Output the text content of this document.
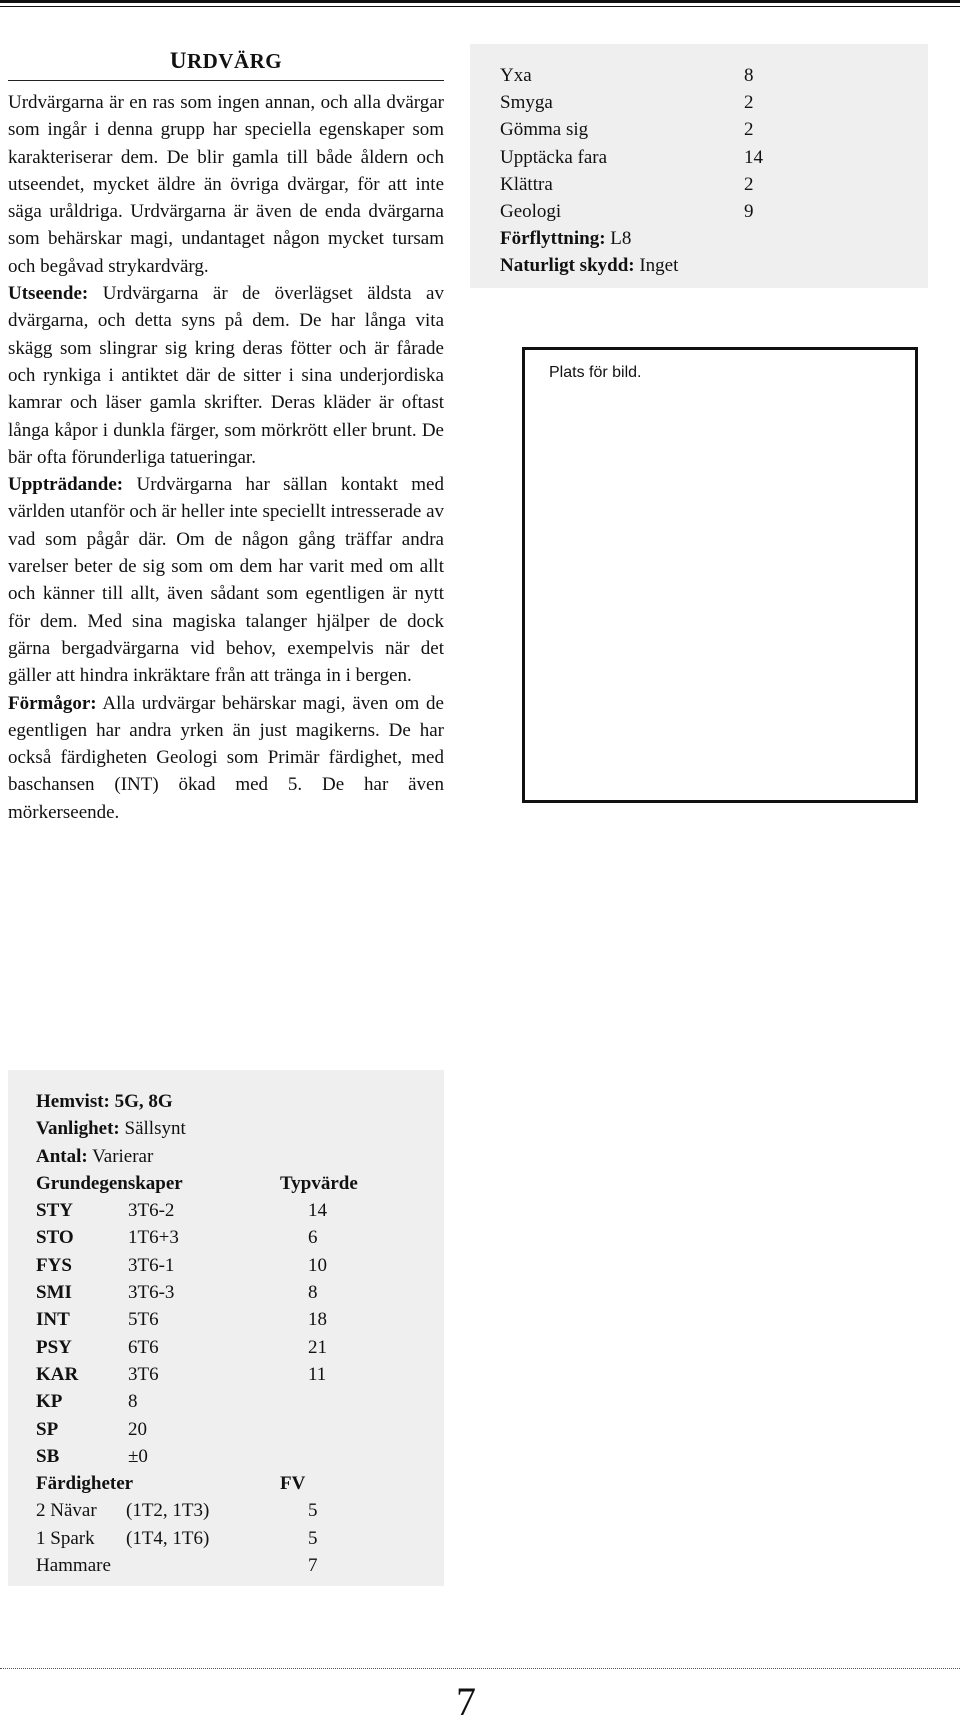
URDVÄRG

Urdvärgarna är en ras som ingen annan, och alla dvärgar som ingår i denna grupp har speciella egenskaper som karakteriserar dem. De blir gamla till både åldern och utseendet, mycket äldre än övriga dvärgar, för att inte säga uråldriga. Urdvärgarna är även de enda dvärgarna som behärskar magi, undantaget någon mycket tursam och begåvad strykardvärg.

Utseende: Urdvärgarna är de överlägset äldsta av dvärgarna, och detta syns på dem. De har långa vita skägg som slingrar sig kring deras fötter och är fårade och rynkiga i antiktet där de sitter i sina underjordiska kamrar och läser gamla skrifter. Deras kläder är oftast långa kåpor i dunkla färger, som mörkrött eller brunt. De bär ofta förunderliga tatueringar.

Uppträdande: Urdvärgarna har sällan kontakt med världen utanför och är heller inte speciellt intresserade av vad som pågår där. Om de någon gång träffar andra varelser beter de sig som om dem har varit med om allt och känner till allt, även sådant som egentligen är nytt för dem. Med sina magiska talanger hjälper de dock gärna bergadvärgarna vid behov, exempelvis när det gäller att hindra inkräktare från att tränga in i bergen.

Förmågor: Alla urdvärgar behärskar magi, även om de egentligen har andra yrken än just magikerns. De har också färdigheten Geologi som Primär färdighet, med baschansen (INT) ökad med 5. De har även mörkerseende.

Yxa	8
Smyga	2
Gömma sig	2
Upptäcka fara	14
Klättra	2
Geologi	9
Förflyttning: L8
Naturligt skydd: Inget
Plats för bild.
Hemvist: 5G, 8G
Vanlighet: Sällsynt
Antal: Varierar
Grundegenskaper	Typvärde
STY	3T6-2	14
STO	1T6+3	6
FYS	3T6-1	10
SMI	3T6-3	8
INT	5T6	18
PSY	6T6	21
KAR	3T6	11
KP	8
SP	20
SB	±0
Färdigheter	FV
2 Nävar	(1T2, 1T3)	5
1 Spark	(1T4, 1T6)	5
Hammare	7
7
